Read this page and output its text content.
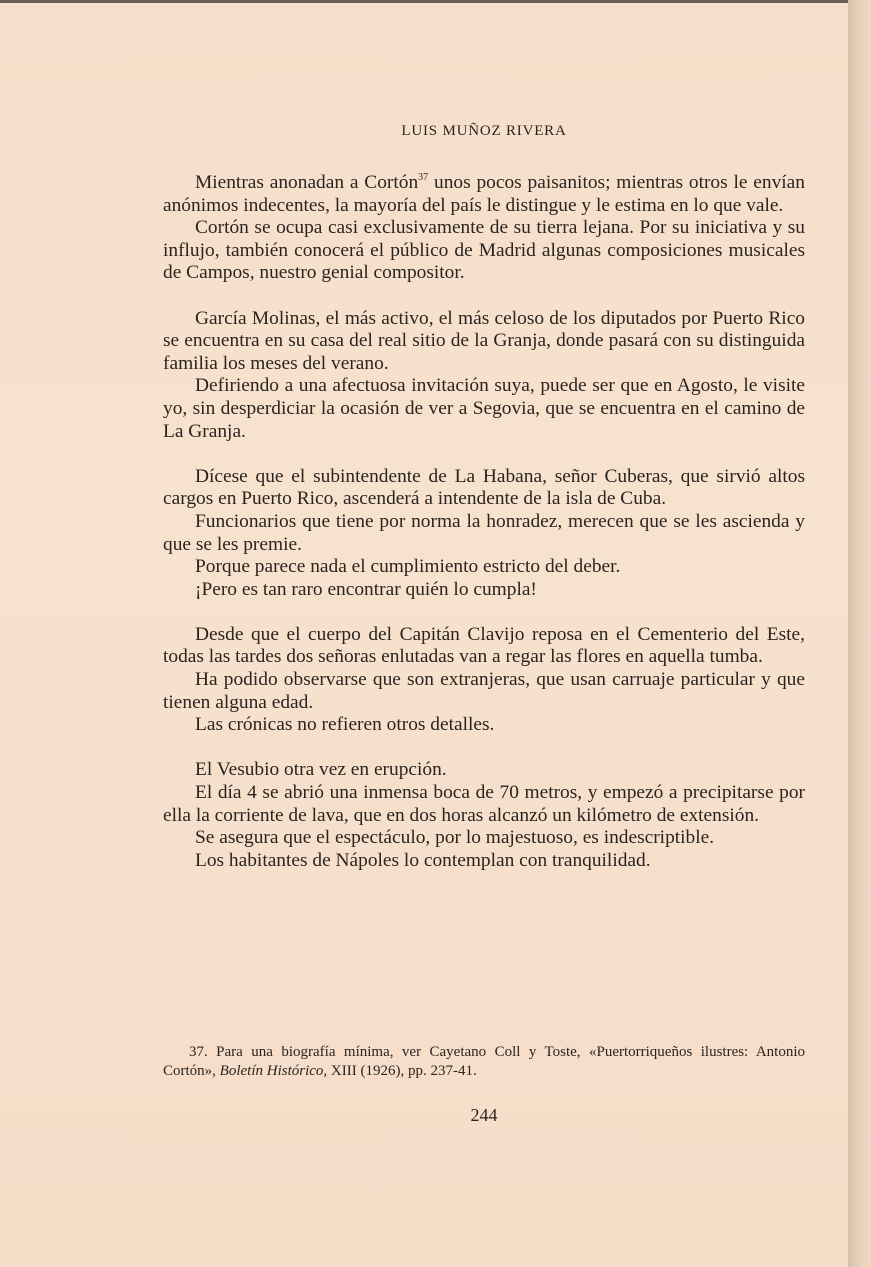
LUIS MUÑOZ RIVERA

Mientras anonadan a Cortón$^{37}$ unos pocos paisanitos; mientras otros le envían anónimos indecentes, la mayoría del país le distingue y le estima en lo que vale.

Cortón se ocupa casi exclusivamente de su tierra lejana. Por su iniciativa y su influjo, también conocerá el público de Madrid algunas composiciones musicales de Campos, nuestro genial compositor.

García Molinas, el más activo, el más celoso de los diputados por Puerto Rico se encuentra en su casa del real sitio de la Granja, donde pasará con su distinguida familia los meses del verano.

Defiriendo a una afectuosa invitación suya, puede ser que en Agosto, le visite yo, sin desperdiciar la ocasión de ver a Segovia, que se encuentra en el camino de La Granja.

Dícese que el subintendente de La Habana, señor Cuberas, que sirvió altos cargos en Puerto Rico, ascenderá a intendente de la isla de Cuba.

Funcionarios que tiene por norma la honradez, merecen que se les ascienda y que se les premie.

Porque parece nada el cumplimiento estricto del deber.

¡Pero es tan raro encontrar quién lo cumpla!

Desde que el cuerpo del Capitán Clavijo reposa en el Cementerio del Este, todas las tardes dos señoras enlutadas van a regar las flores en aquella tumba.

Ha podido observarse que son extranjeras, que usan carruaje particular y que tienen alguna edad.

Las crónicas no refieren otros detalles.

El Vesubio otra vez en erupción.

El día 4 se abrió una inmensa boca de 70 metros, y empezó a precipitarse por ella la corriente de lava, que en dos horas alcanzó un kilómetro de extensión.

Se asegura que el espectáculo, por lo majestuoso, es indescriptible.

Los habitantes de Nápoles lo contemplan con tranquilidad.

37. Para una biografía mínima, ver Cayetano Coll y Toste, «Puertorriqueños ilustres: Antonio Cortón», Boletín Histórico, XIII (1926), pp. 237-41.
244
